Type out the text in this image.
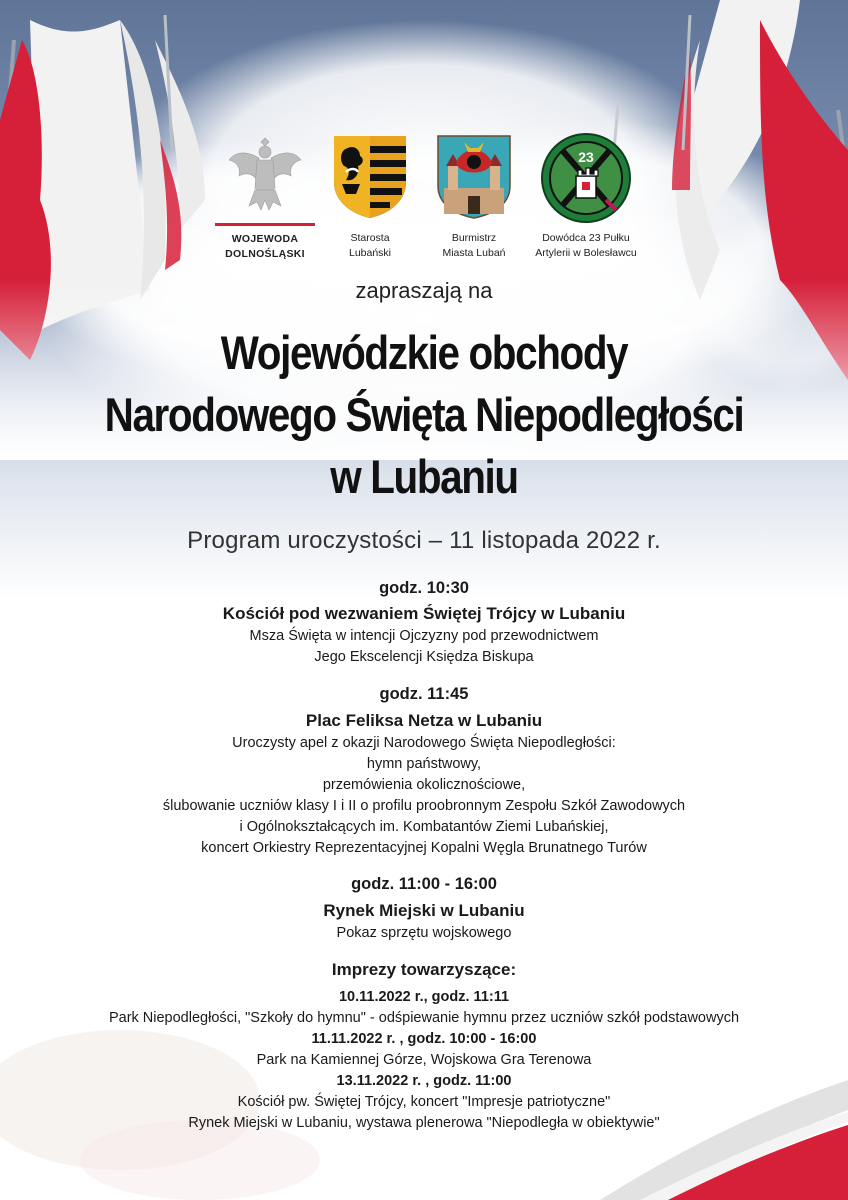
WOJEWODA
DOLNOŚLĄSKI
Starosta
Lubański
Burmistrz
Miasta Lubań
23
Dowódca 23 Pułku
Artylerii w Bolesławcu
zapraszają na
Wojewódzkie obchody
Narodowego Święta Niepodległości
w Lubaniu
Program uroczystości – 11 listopada 2022 r.
godz. 10:30
Kościół pod wezwaniem Świętej Trójcy w Lubaniu
Msza Święta w intencji Ojczyzny pod przewodnictwem
Jego Ekscelencji Księdza Biskupa
godz. 11:45
Plac Feliksa Netza w Lubaniu
Uroczysty apel z okazji Narodowego Święta Niepodległości:
hymn państwowy,
przemówienia okolicznościowe,
ślubowanie uczniów klasy I i II o profilu proobronnym Zespołu Szkół Zawodowych
i Ogólnokształcących im. Kombatantów Ziemi Lubańskiej,
koncert Orkiestry Reprezentacyjnej Kopalni Węgla Brunatnego Turów
godz. 11:00 - 16:00
Rynek Miejski w Lubaniu
Pokaz sprzętu wojskowego
Imprezy towarzyszące:
10.11.2022 r., godz. 11:11
Park Niepodległości, "Szkoły do hymnu" - odśpiewanie hymnu przez uczniów szkół podstawowych
11.11.2022 r. , godz. 10:00 - 16:00
Park na Kamiennej Górze, Wojskowa Gra Terenowa
13.11.2022 r. , godz. 11:00
Kościół pw. Świętej Trójcy, koncert "Impresje patriotyczne"
Rynek Miejski w Lubaniu, wystawa plenerowa "Niepodległa w obiektywie"
